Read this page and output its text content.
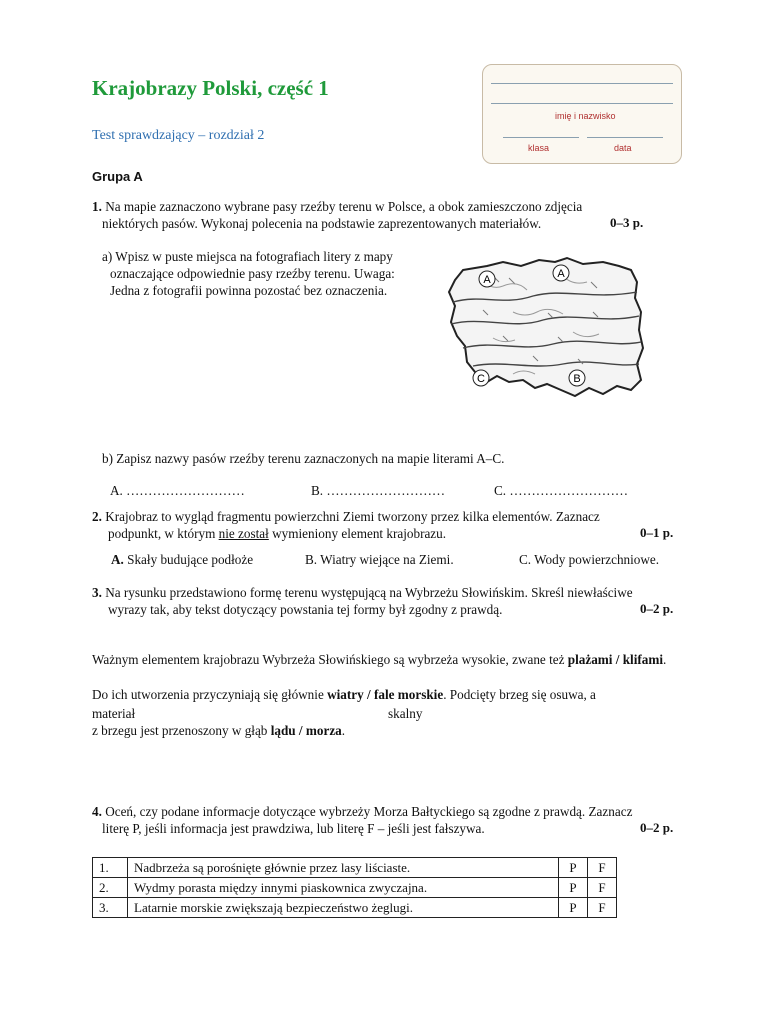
Krajobrazy Polski, część 1
Test sprawdzający – rozdział 2
Grupa A
imię i nazwisko
klasa	data
1. Na mapie zaznaczono wybrane pasy rzeźby terenu w Polsce, a obok zamieszczono zdjęcia
niektórych pasów. Wykonaj polecenia na podstawie zaprezentowanych materiałów.	0–3 p.
a) Wpisz w puste miejsca na fotografiach litery z mapy
oznaczające odpowiednie pasy rzeźby terenu. Uwaga:
Jedna z fotografii powinna pozostać bez oznaczenia.
A	A
C	B
b) Zapisz nazwy pasów rzeźby terenu zaznaczonych na mapie literami A–C.
A. ………………………	B. ………………………	C. ………………………
2. Krajobraz to wygląd fragmentu powierzchni Ziemi tworzony przez kilka elementów. Zaznacz
podpunkt, w którym nie został wymieniony element krajobrazu.	0–1 p.
A. Skały budujące podłoże	B. Wiatry wiejące na Ziemi.	C. Wody powierzchniowe.
3. Na rysunku przedstawiono formę terenu występującą na Wybrzeżu Słowińskim. Skreśl niewłaściwe
wyrazy tak, aby tekst dotyczący powstania tej formy był zgodny z prawdą.	0–2 p.
Ważnym elementem krajobrazu Wybrzeża Słowińskiego są wybrzeża wysokie, zwane też plażami / klifami.
Do ich utworzenia przyczyniają się głównie wiatry / fale morskie. Podcięty brzeg się osuwa, a
materiał	skalny
z brzegu jest przenoszony w głąb lądu / morza.
4. Oceń, czy podane informacje dotyczące wybrzeży Morza Bałtyckiego są zgodne z prawdą. Zaznacz
literę P, jeśli informacja jest prawdziwa, lub literę F – jeśli jest fałszywa.	0–2 p.
1.	Nadbrzeża są porośnięte głównie przez lasy liściaste.	P	F
2.	Wydmy porasta między innymi piaskownica zwyczajna.	P	F
3.	Latarnie morskie zwiększają bezpieczeństwo żeglugi.	P	F
